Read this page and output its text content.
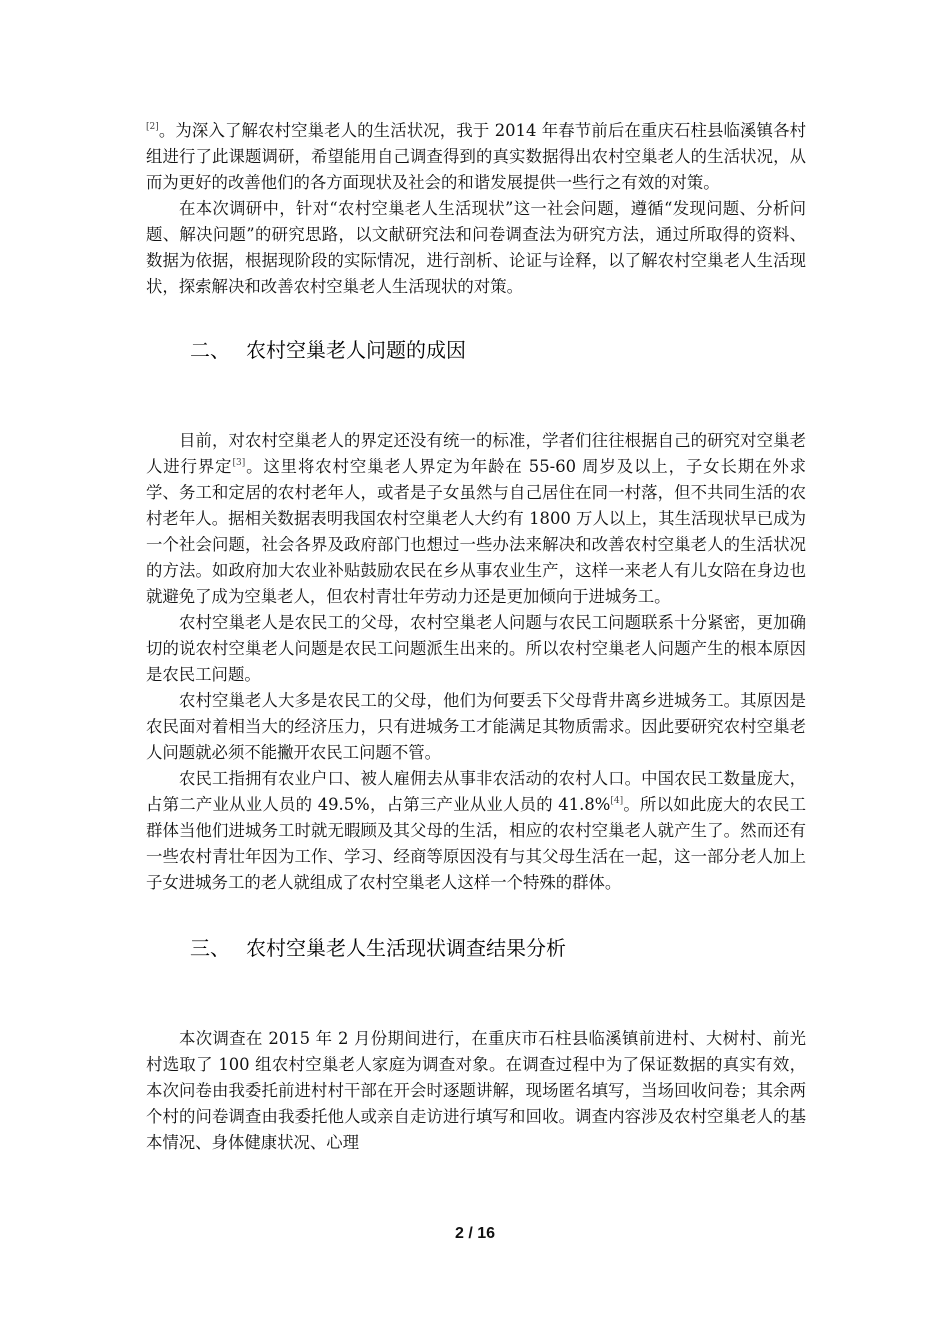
[2]。为深入了解农村空巢老人的生活状况，我于 2014 年春节前后在重庆石柱县临溪镇各村组进行了此课题调研，希望能用自己调查得到的真实数据得出农村空巢老人的生活状况，从而为更好的改善他们的各方面现状及社会的和谐发展提供一些行之有效的对策。

在本次调研中，针对“农村空巢老人生活现状”这一社会问题，遵循“发现问题、分析问题、解决问题”的研究思路，以文献研究法和问卷调查法为研究方法，通过所取得的资料、数据为依据，根据现阶段的实际情况，进行剖析、论证与诠释，以了解农村空巢老人生活现状，探索解决和改善农村空巢老人生活现状的对策。

二、 农村空巢老人问题的成因

目前，对农村空巢老人的界定还没有统一的标准，学者们往往根据自己的研究对空巢老人进行界定[3]。这里将农村空巢老人界定为年龄在 55-60 周岁及以上，子女长期在外求学、务工和定居的农村老年人，或者是子女虽然与自己居住在同一村落，但不共同生活的农村老年人。据相关数据表明我国农村空巢老人大约有 1800 万人以上，其生活现状早已成为一个社会问题，社会各界及政府部门也想过一些办法来解决和改善农村空巢老人的生活状况的方法。如政府加大农业补贴鼓励农民在乡从事农业生产，这样一来老人有儿女陪在身边也就避免了成为空巢老人，但农村青壮年劳动力还是更加倾向于进城务工。

农村空巢老人是农民工的父母，农村空巢老人问题与农民工问题联系十分紧密，更加确切的说农村空巢老人问题是农民工问题派生出来的。所以农村空巢老人问题产生的根本原因是农民工问题。

农村空巢老人大多是农民工的父母，他们为何要丢下父母背井离乡进城务工。其原因是农民面对着相当大的经济压力，只有进城务工才能满足其物质需求。因此要研究农村空巢老人问题就必须不能撇开农民工问题不管。

农民工指拥有农业户口、被人雇佣去从事非农活动的农村人口。中国农民工数量庞大，占第二产业从业人员的 49.5%，占第三产业从业人员的 41.8%[4]。所以如此庞大的农民工群体当他们进城务工时就无暇顾及其父母的生活，相应的农村空巢老人就产生了。然而还有一些农村青壮年因为工作、学习、经商等原因没有与其父母生活在一起，这一部分老人加上子女进城务工的老人就组成了农村空巢老人这样一个特殊的群体。

三、 农村空巢老人生活现状调查结果分析

本次调查在 2015 年 2 月份期间进行，在重庆市石柱县临溪镇前进村、大树村、前光村选取了 100 组农村空巢老人家庭为调查对象。在调查过程中为了保证数据的真实有效，本次问卷由我委托前进村村干部在开会时逐题讲解，现场匿名填写，当场回收问卷；其余两个村的问卷调查由我委托他人或亲自走访进行填写和回收。调查内容涉及农村空巢老人的基本情况、身体健康状况、心理

2 / 16
